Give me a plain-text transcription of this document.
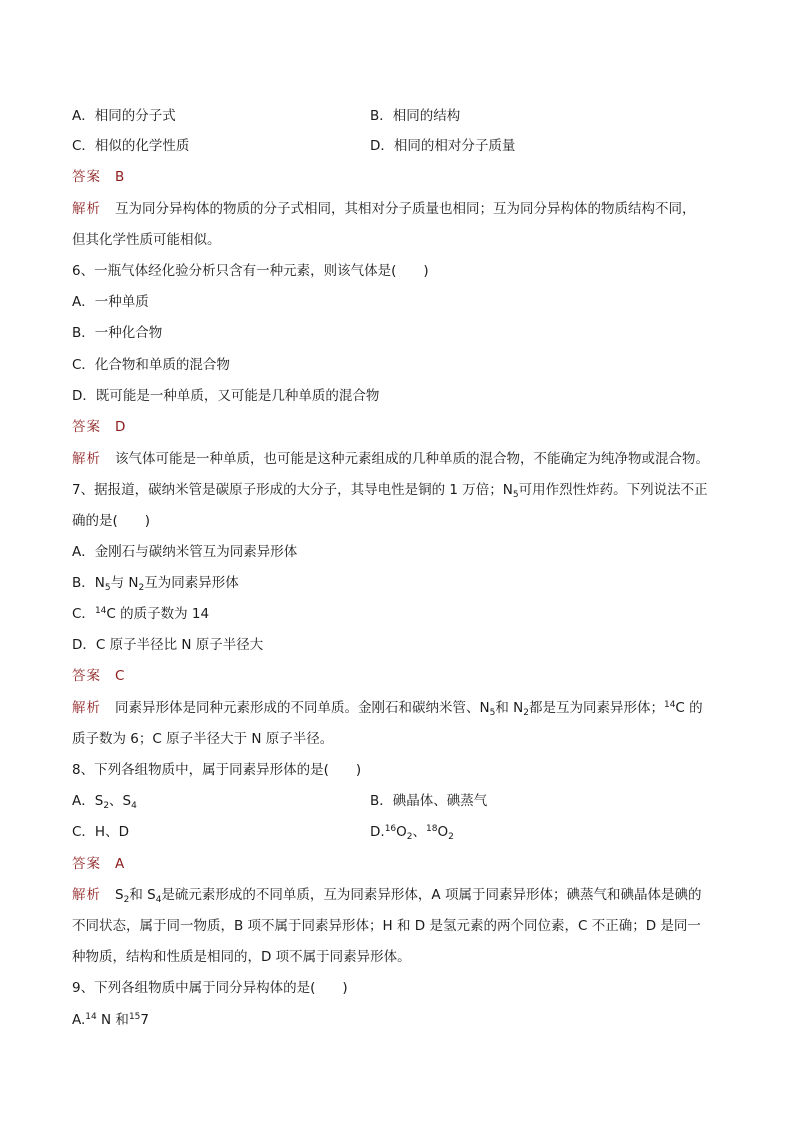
A．相同的分子式	B．相同的结构
C．相似的化学性质	D．相同的相对分子质量
答案 B
解析 互为同分异构体的物质的分子式相同，其相对分子质量也相同；互为同分异构体的物质结构不同，
但其化学性质可能相似。
6、一瓶气体经化验分析只含有一种元素，则该气体是(　　)
A．一种单质
B．一种化合物
C．化合物和单质的混合物
D．既可能是一种单质，又可能是几种单质的混合物
答案 D
解析 该气体可能是一种单质，也可能是这种元素组成的几种单质的混合物，不能确定为纯净物或混合物。
7、据报道，碳纳米管是碳原子形成的大分子，其导电性是铜的 1 万倍；$N_5$可用作烈性炸药。下列说法不正
确的是(　　)
A．金刚石与碳纳米管互为同素异形体
B．$N_5$与 $N_2$互为同素异形体
C．$^{14}$C 的质子数为 14
D．C 原子半径比 N 原子半径大
答案 C
解析 同素异形体是同种元素形成的不同单质。金刚石和碳纳米管、$N_5$和 $N_2$都是互为同素异形体；$^{14}$C 的
质子数为 6；C 原子半径大于 N 原子半径。
8、下列各组物质中，属于同素异形体的是(　　)
A．$S_2$、$S_4$	B．碘晶体、碘蒸气
C．H、D	$D.^{16}O_2$、$^{18}O_2$
答案 A
解析 $S_2$和 $S_4$是硫元素形成的不同单质，互为同素异形体，A 项属于同素异形体；碘蒸气和碘晶体是碘的
不同状态，属于同一物质，B 项不属于同素异形体；H 和 D 是氢元素的两个同位素，C 不正确；D 是同一
种物质，结构和性质是相同的，D 项不属于同素异形体。
9、下列各组物质中属于同分异构体的是(　　)
A.$^{14}$ N 和$^{15}$7
